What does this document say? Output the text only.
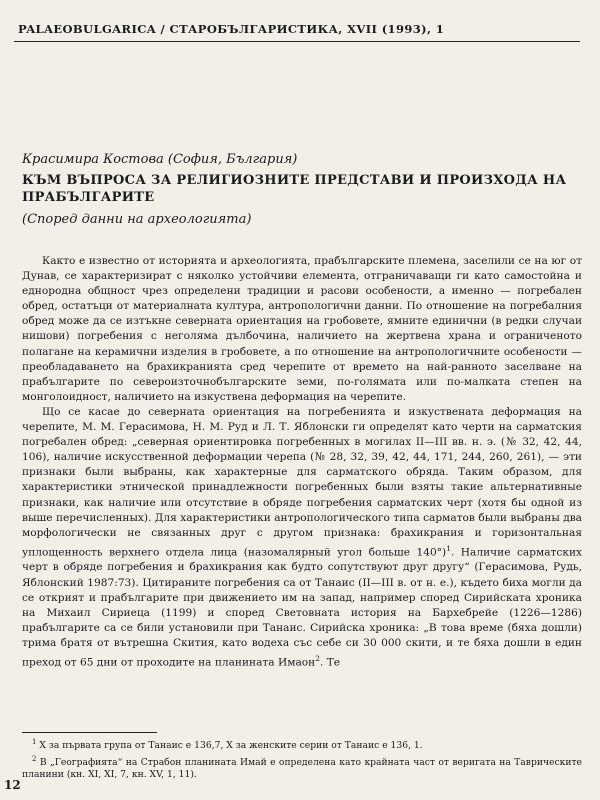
PALAEOBULGARICA / СТАРОБЪЛГАРИСТИКА, XVII (1993), 1
Красимира Костова (София, България)
КЪМ ВЪПРОСА ЗА РЕЛИГИОЗНИТЕ ПРЕДСТАВИ И ПРОИЗХОДА НА ПРАБЪЛГАРИТЕ
(Според данни на археологията)

Както е известно от историята и археологията, прабългарските племена, заселили се на юг от Дунав, се характеризират с няколко устойчиви елемента, отграничаващи ги като самостойна и еднородна общност чрез определени традиции и расови особености, а именно — погребален обред, остатъци от материалната култура, антропологични данни. По отношение на погребалния обред може да се изтъкне северната ориентация на гробовете, ямните единични (в редки случаи нишови) погребения с неголяма дълбочина, наличието на жертвена храна и ограниченото полагане на керамични изделия в гробовете, а по отношение на антропологичните особености — преобладаването на брахикранията сред черепите от времето на най-ранното заселване на прабългарите по североизточнобългарските земи, по-голямата или по-малката степен на монголоидност, наличието на изкуствена деформация на черепите.

Що се касае до северната ориентация на погребенията и изкуствената деформация на черепите, М. М. Герасимова, Н. М. Руд и Л. Т. Яблонски ги определят като черти на сарматския погребален обред: „северная ориентировка погребенных в могилах II—III вв. н. э. (№ 32, 42, 44, 106), наличие искусственной деформации черепа (№ 28, 32, 39, 42, 44, 171, 244, 260, 261), — эти признаки были выбраны, как характерные для сарматского обряда. Таким образом, для характеристики этнической принадлежности погребенных были взяты такие альтернативные признаки, как наличие или отсутствие в обряде погребения сарматских черт (хотя бы одной из выше перечисленных). Для характеристики антропологического типа сарматов были выбраны два морфологически не связанных друг с другом признака: брахикрания и горизонтальная уплощенность верхнего отдела лица (назомалярный угол больше 140°)$^1$. Наличие сарматских черт в обряде погребения и брахикрания как будто сопутствуют друг другу“ (Герасимова, Рудь, Яблонский 1987:73). Цитираните погребения са от Танаис (II—III в. от н. е.), където биха могли да се открият и прабългарите при движението им на запад, например според Сирийската хроника на Михаил Сириеца (1199) и според Световната история на Бархебрейе (1226—1286) прабългарите са се били установили при Танаис. Сирийска хроника: „В това време (бяха дошли) трима братя от вътрешна Скития, като водеха със себе си 30 000 скити, и те бяха дошли в един преход от 65 дни от проходите на планината Имаон$^2$. Те

$^1$ Х за първата група от Танаис е 136,7, Х за женските серии от Танаис е 136, 1.

$^2$ В „Географията“ на Страбон планината Имай е определена като крайната част от веригата на Таврическите планини (кн. XI, XI, 7, кн. XV, 1, 11).

12
